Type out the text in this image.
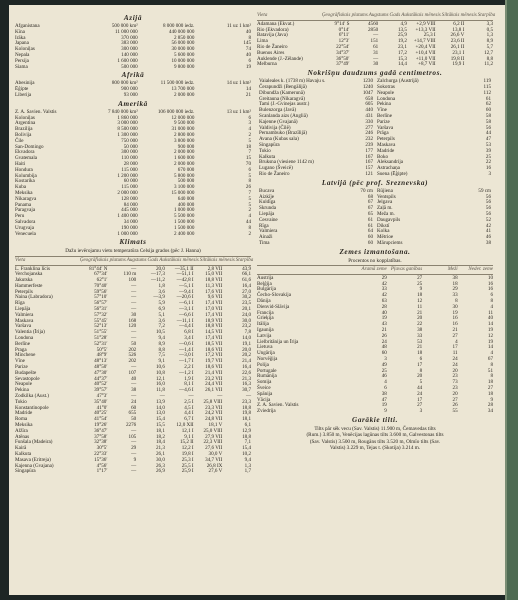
Azijā
Afganistana	500 000 km²	8 000 000 iedz.	11 uz 1 km²
Kīna	11 000 000	440 000 000	40
Irāka	370 000	2 850 000	8
Japana	383 000	56 000 000	145
Koloniļas	300 000	30 000 000	74
Nepala	140 000	5 600 000	40
Persija	1 600 000	10 000 000	6
Siama	500 000	9 800 000	19
Afrikā
Abesinija	800 000 km²	11 500 000 iedz.	14 uz 1 km²
Ēģipte	900 000	13 700 000	14
Liberija	93 000	2 000 000	21
Amerikā
Z. A. Savien. Valstis	7 840 000 km²	106 000 000 iedz.	13 uz 1 km²
Koloniļas	1 860 000	12 000 000	6
Argentina	3 000 000	9 500 000	3
Brazilija	8 500 000	31 000 000	4
Bolivija	1 300 000	2 800 000	2
Čile	750 000	3 800 000	5
San-Domingo	50 000	900 000	18
Ekvadora	300 000	2 000 000	7
Gvatemala	110 000	1 600 000	15
Haiti	28 000	2 000 000	70
Hondura	115 000	670 000	6
Kolumbija	1 200 000	5 800 000	5
Kostarika	60 000	500 000	8
Kuba	115 000	3 100 000	26
Meksika	2 000 000	15 000 000	7
Nikaragva	128 000	640 000	5
Panama	84 000	400 000	5
Paragvaja	445 000	1 000 000	2
Peru	1 400 000	5 500 000	4
Salvadora	34 000	1 500 000	44
Urugvaja	190 000	1 500 000	8
Venecuela	1 000 000	2 400 000	2
Klimats
Dažu ievērojamu vietu temperatūra Celsija grados (pēc J. Hanna)
Vieta	Ģeogrāfiskais platums Augstums Gads Aukstākais mēnesis Siltākais mēnesis Starpība
L. Franklina līcis	81°44′ N	—	20,0	—35,1 II	2,8 VII	43,9
Verchojanska	67°34′	110 m	—17,3	—51,1 I	15,0 VII	66,1
Jakutska	62°1′	100	—11,2	—42,8 I	18,8 VII	61,6
Hammerfeste	70°40′	—	1,8	—5,1 I	11,3 VII	16,4
Peterpils	59°56′	—	3,6	—9,4 I	17,6 VII	27,0
Naina (Labradora)	57°10′	—	—3,9	—20,6 I	9,6 VII	30,2
Rīga	56°57′	—	5,9	—6,1 I	17,4 VII	23,5
Liepāja	56°31′	—	6,9	—3,1 I	17,0 VII	20,1
Valmiera	57°32′	30	5,1	—6,6 I	17,4 VII	24,0
Maskava	55°45′	168	3,6	—11,1 I	18,9 VII	30,0
Varšava	52°13′	120	7,2	—4,4 I	18,8 VII	23,2
Valentia (Īrija)	51°55′	—	10,5	6,8 I	14,5 VII	7,8
Londona	51°28′	—	9,4	3,4 I	17,4 VII	14,0
Berlīne	52°31′	50	8,9	—0,6 I	18,5 VII	19,1
Praga	50°5′	202	8,8	—1,4 I	18,6 VII	20,0
Minchene	48°9′	526	7,5	—3,0 I	17,2 VII	20,2
Vīne	48°13′	202	9,1	—1,7 I	19,7 VII	21,4
Parize	48°50′	—	10,6	2,2 I	18,6 VII	16,4
Budapešte	47°30′	107	10,8	—1,2 I	21,4 VII	22,6
Sevastopole	44°37′	40	12,1	1,9 I	23,2 VII	21,3
Neapole	40°52′	—	16,0	8,1 I	24,4 VII	16,3
Pekina	39°57′	38	11,8	—4,6 I	26,1 VII	30,7
Zodkilka (Aust.)	47°3′	—	—	—	—	—
Tokio	35°40′	24	13,9	2,5 I	25,8 VIII	23,3
Konstantinopole	41°0′	60	14,0	4,5 I	23,3 VII	18,8
Madride	40°25′	655	13,0	4,4 I	24,2 VII	19,8
Roma	41°54′	50	15,4	6,7 I	24,8 VII	18,1
Meksika	19°26′	2276	15,5	12,0 XII	18,1 V	6,1
Alžīra	36°47′	—	18,1	12,1 I	25,0 VIII	12,9
Atēnas	37°58′	105	18,2	9,1 I	27,9 VII	18,8
Funšala (Madeira)	32°38′	—	18,4	15,2 II	22,3 VIII	7,1
Kairā	30°5′	29	21,3	12,2 I	27,6 VII	15,4
Kalkuta	22°33′	—	26,1	19,8 I	30,0 V	10,2
Masava (Eritreja)	15°36′	9	30,0	25,3 I	34,7 VII	9,4
Kajenna (Gvajana)	4°56′	—	26,3	25,5 I	26,8 IX	1,3
Singapūra	1°17′	—	26,9	25,9 I	27,6 V	1,7
Vieta	Ģeogrāfiskais platums Augstums Gads Aukstākais mēnesis Siltākais mēnesis Starpība
Adamana (Ekvat.)	9°14′ S	4560	4,9	+2,9 VIII	6,2 II	3,3
Rio (Ekvadora)	0°14′	2850	13,5	+13,3 VII	13,8 I	0,5
Batavija (Java)	6°11′	—	25,9	25,3 I	26,6 V	1,3
Lima	12°3′	151	19,2	+14,7 VIII	23,6 II	8,9
Rio de Žaneiro	22°54′	61	23,1	+20,4 VII	26,1 II	5,7
Buenos Aires	34°37′	31	17,2	+10,4 VII	23,1 I	12,7
Auklende (J.-Zēlande)	36°50′	—	15,3	+11,0 VII	19,8 II	8,8
Melburna	37°49′	30	14,4	+8,7 VII	19,9 I	11,2
Nokrišņu daudzums gadā centimetros.
Vaialeales k. (1738 m) Havaju s.	1230
Čerapundži (Bengālijā)	1240
Dibundža (Kamerunā)	1047
Greitauna (Nikaragvā)	658
Tami (J.-Gvinejas austr.)	605
Bulenzorga (Javā)	440
Scanlanda aizs (Angliā)	431
Kajenne (Gvajanā)	330
Valdivija (Čilē)	277
Pernambuko (Brazīlijā)	246
Avana (Kubas sala)	232
Singapūra	239
Tokio	177
Kalkuta	167
Bruksna (viesiene 1142 m)	167
Lugano (Šveicē)	157
Rio de Žaneiro	121
Zalchurga (Austrijā)	119
Sokotras	115
Neapole	112
Londona	61
Pekina	62
Vīne	60
Berlīne	58
Parize	58
Varšava	56
Prāga	44
Peterpils	47
Maskava	53
Madride	39
Boko	25
Aleksandrija	22
Astrachaņa	16
Suena (Ēģipte)	3
Latvijā (pēc prof. Sreznevska)
Bucava	70 cm
Aizkīje	68
Kuldīga	67
Skrunda	67
Liepāja	65
Cesvaine	61
Rīga	61
Valmiera	64
Ainaži	60
Tima	60
Rūjiena	59 cm
Ventspils	56
Jelgava	56
Zaļā m.	56
Meža m.	56
Daugavpils	52
Dikstī	42
Kolka	41
Mētrioe	46
Mārupciems	38
Zemes izmantošana.
Procentos no kopplatības.
Aramā zeme Pļavas ganības	Meži	Neder. zeme
Austrija	29	27	38	10
Beļģija	42	25	18	16
Bulgārija	33	9	29	16
Čecho-Slovakija	42	18	33	6
Dānija	63	12	8	8
Dienvid-Slāvija	28	11	30	4
Francija	40	21	19	11
Grieķija	19	20	16	40
Itālija	43	22	16	14
Igaunija	21	38	21	19
Latvija	26	33	27	12
Lielbritānija un Īrija	24	53	4	19
Lietuva	48	21	17	14
Ungārija	60	18	11	4
Norvēģija	3	6	24	67
Polija	49	17	24	8
Portugale	25	8	20	51
Rumānija	46	20	23	8
Somija	4	5	73	18
Šveice	6	44	23	27
Spānija	38	24	20	18
Vācija	47	17	27	9
Z. A. Savien. Valstis	19	27	26	28
Zviedrija	9	3	55	34
Garākie tilti.
Tilts pār sēk vecu (Sav. Valstis) 11.900 m, Čemavedas tilts
(Rum.) 3.850 m, Venēcijas lagūnas tilts 3.600 m, Galvestonas tilts
(Sav. Valstis) 3.500 m, Rougāns tilts 3.520 m, Olmīo tilts (Sav.
Valstis) 3.229 m, Tejas t. (Skotija) 3.214 m.
